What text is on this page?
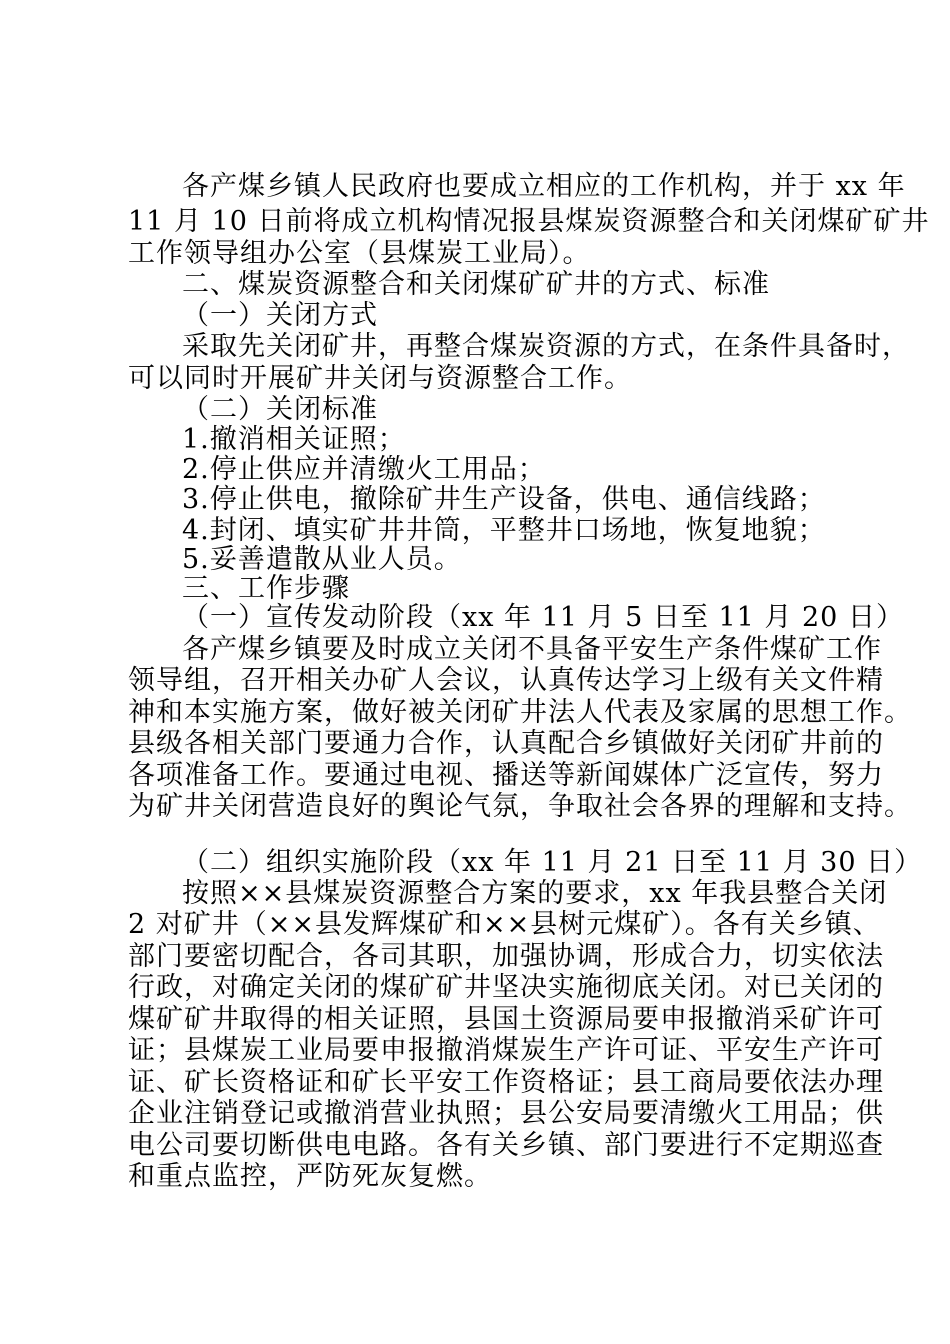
各产煤乡镇人民政府也要成立相应的工作机构，并于 xx 年
11 月 10 日前将成立机构情况报县煤炭资源整合和关闭煤矿矿井
工作领导组办公室（县煤炭工业局）。
二、煤炭资源整合和关闭煤矿矿井的方式、标准
（一）关闭方式
采取先关闭矿井，再整合煤炭资源的方式，在条件具备时，
可以同时开展矿井关闭与资源整合工作。
（二）关闭标准
1.撤消相关证照；
2.停止供应并清缴火工用品；
3.停止供电，撤除矿井生产设备，供电、通信线路；
4.封闭、填实矿井井筒，平整井口场地，恢复地貌；
5.妥善遣散从业人员。
三、工作步骤
（一）宣传发动阶段（xx 年 11 月 5 日至 11 月 20 日）
各产煤乡镇要及时成立关闭不具备平安生产条件煤矿工作
领导组，召开相关办矿人会议，认真传达学习上级有关文件精
神和本实施方案，做好被关闭矿井法人代表及家属的思想工作。
县级各相关部门要通力合作，认真配合乡镇做好关闭矿井前的
各项准备工作。要通过电视、播送等新闻媒体广泛宣传，努力
为矿井关闭营造良好的舆论气氛，争取社会各界的理解和支持。
（二）组织实施阶段（xx 年 11 月 21 日至 11 月 30 日）
按照××县煤炭资源整合方案的要求，xx 年我县整合关闭
2 对矿井（××县发辉煤矿和××县树元煤矿）。各有关乡镇、
部门要密切配合，各司其职，加强协调，形成合力，切实依法
行政，对确定关闭的煤矿矿井坚决实施彻底关闭。对已关闭的
煤矿矿井取得的相关证照，县国土资源局要申报撤消采矿许可
证；县煤炭工业局要申报撤消煤炭生产许可证、平安生产许可
证、矿长资格证和矿长平安工作资格证；县工商局要依法办理
企业注销登记或撤消营业执照；县公安局要清缴火工用品；供
电公司要切断供电电路。各有关乡镇、部门要进行不定期巡查
和重点监控，严防死灰复燃。
